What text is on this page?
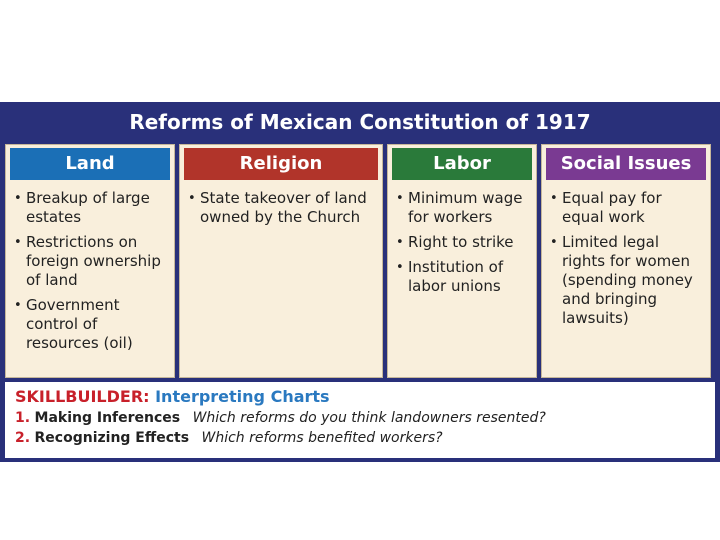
Reforms of Mexican Constitution of 1917
Land
• Breakup of large estates
• Restrictions on foreign ownership of land
• Government control of resources (oil)
Religion
• State takeover of land owned by the Church
Labor
• Minimum wage for workers
• Right to strike
• Institution of labor unions
Social Issues
• Equal pay for equal work
• Limited legal rights for women (spending money and bringing lawsuits)
SKILLBUILDER: Interpreting Charts
1. Making Inferences Which reforms do you think landowners resented?
2. Recognizing Effects Which reforms benefited workers?
